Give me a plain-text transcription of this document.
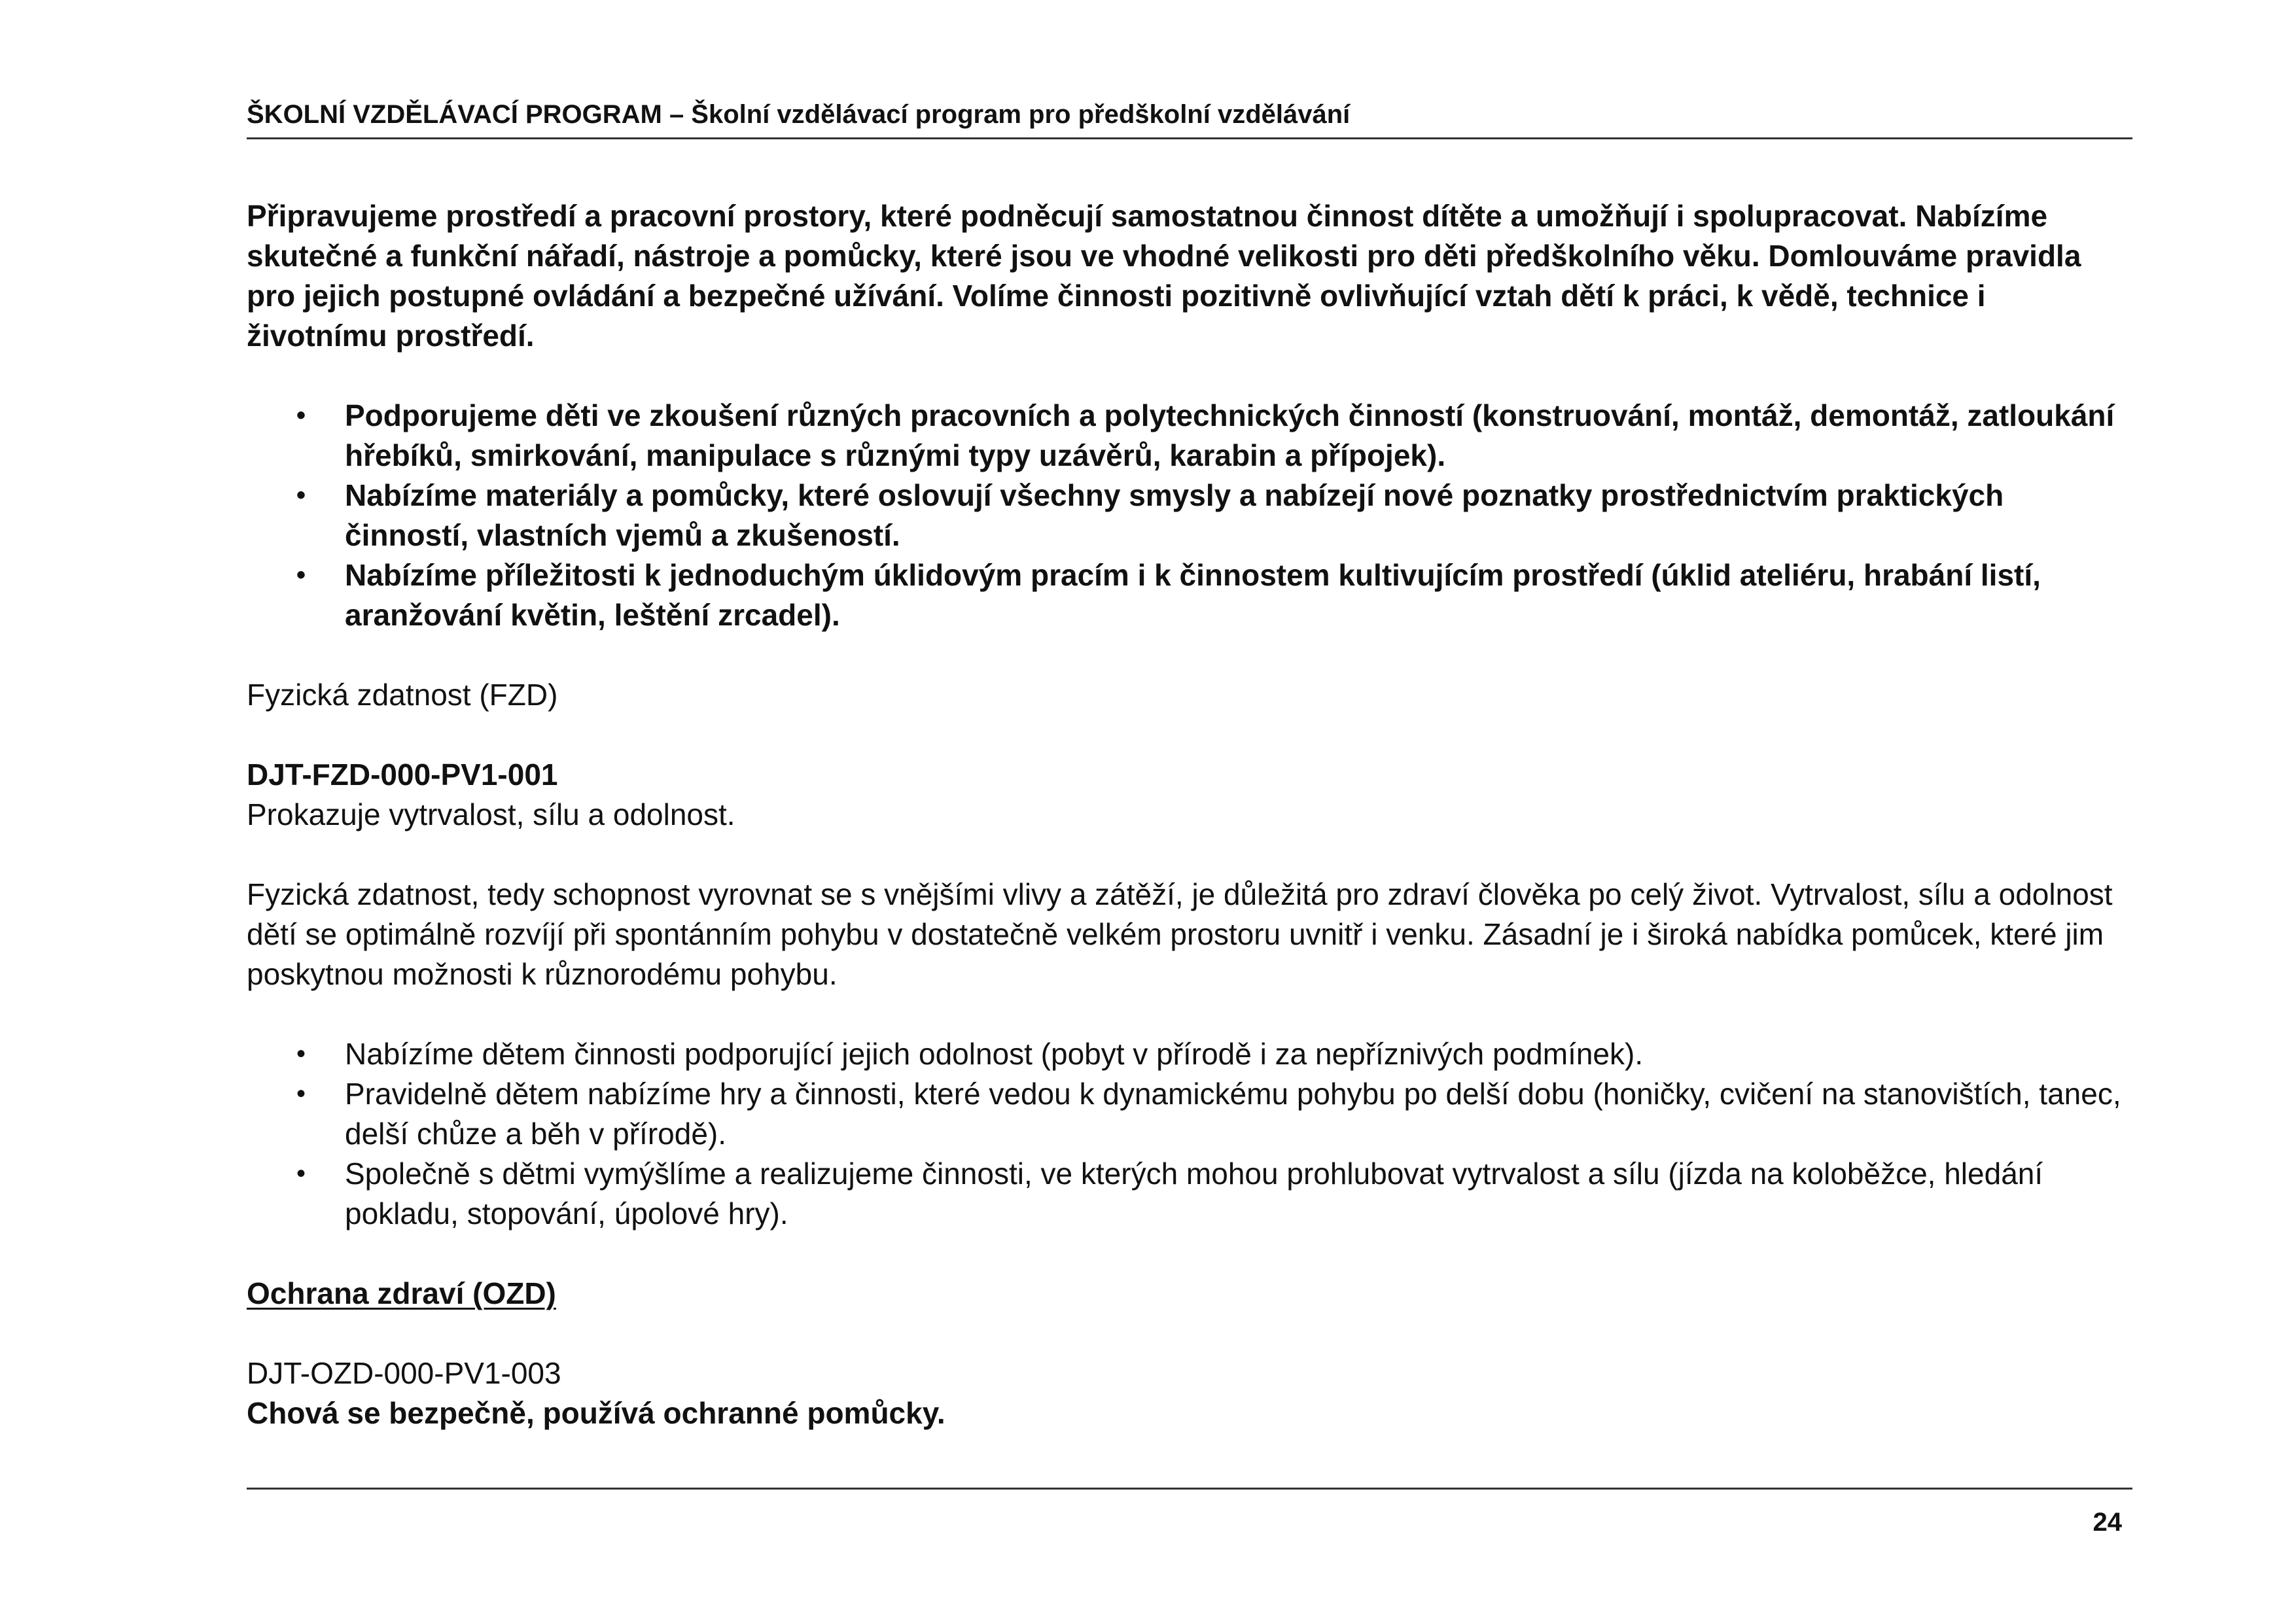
ŠKOLNÍ VZDĚLÁVACÍ PROGRAM – Školní vzdělávací program pro předškolní vzdělávání

Připravujeme prostředí a pracovní prostory, které podněcují samostatnou činnost dítěte a umožňují i spolupracovat. Nabízíme skutečné a funkční nářadí, nástroje a pomůcky, které jsou ve vhodné velikosti pro děti předškolního věku. Domlouváme pravidla pro jejich postupné ovládání a bezpečné užívání. Volíme činnosti pozitivně ovlivňující vztah dětí k práci, k vědě, technice i životnímu prostředí.

•	Podporujeme děti ve zkoušení různých pracovních a polytechnických činností (konstruování, montáž, demontáž, zatloukání hřebíků, smirkování, manipulace s různými typy uzávěrů, karabin a přípojek).
•	Nabízíme materiály a pomůcky, které oslovují všechny smysly a nabízejí nové poznatky prostřednictvím praktických činností, vlastních vjemů a zkušeností.
•	Nabízíme příležitosti k jednoduchým úklidovým pracím i k činnostem kultivujícím prostředí (úklid ateliéru, hrabání listí, aranžování květin, leštění zrcadel).

Fyzická zdatnost (FZD)

DJT-FZD-000-PV1-001

Prokazuje vytrvalost, sílu a odolnost.

Fyzická zdatnost, tedy schopnost vyrovnat se s vnějšími vlivy a zátěží, je důležitá pro zdraví člověka po celý život. Vytrvalost, sílu a odolnost dětí se optimálně rozvíjí při spontánním pohybu v dostatečně velkém prostoru uvnitř i venku. Zásadní je i široká nabídka pomůcek, které jim poskytnou možnosti k různorodému pohybu.

•	Nabízíme dětem činnosti podporující jejich odolnost (pobyt v přírodě i za nepříznivých podmínek).
•	Pravidelně dětem nabízíme hry a činnosti, které vedou k dynamickému pohybu po delší dobu (honičky, cvičení na stanovištích, tanec, delší chůze a běh v přírodě).
•	Společně s dětmi vymýšlíme a realizujeme činnosti, ve kterých mohou prohlubovat vytrvalost a sílu (jízda na koloběžce, hledání pokladu, stopování, úpolové hry).

Ochrana zdraví (OZD)

DJT-OZD-000-PV1-003

Chová se bezpečně, používá ochranné pomůcky.

24
